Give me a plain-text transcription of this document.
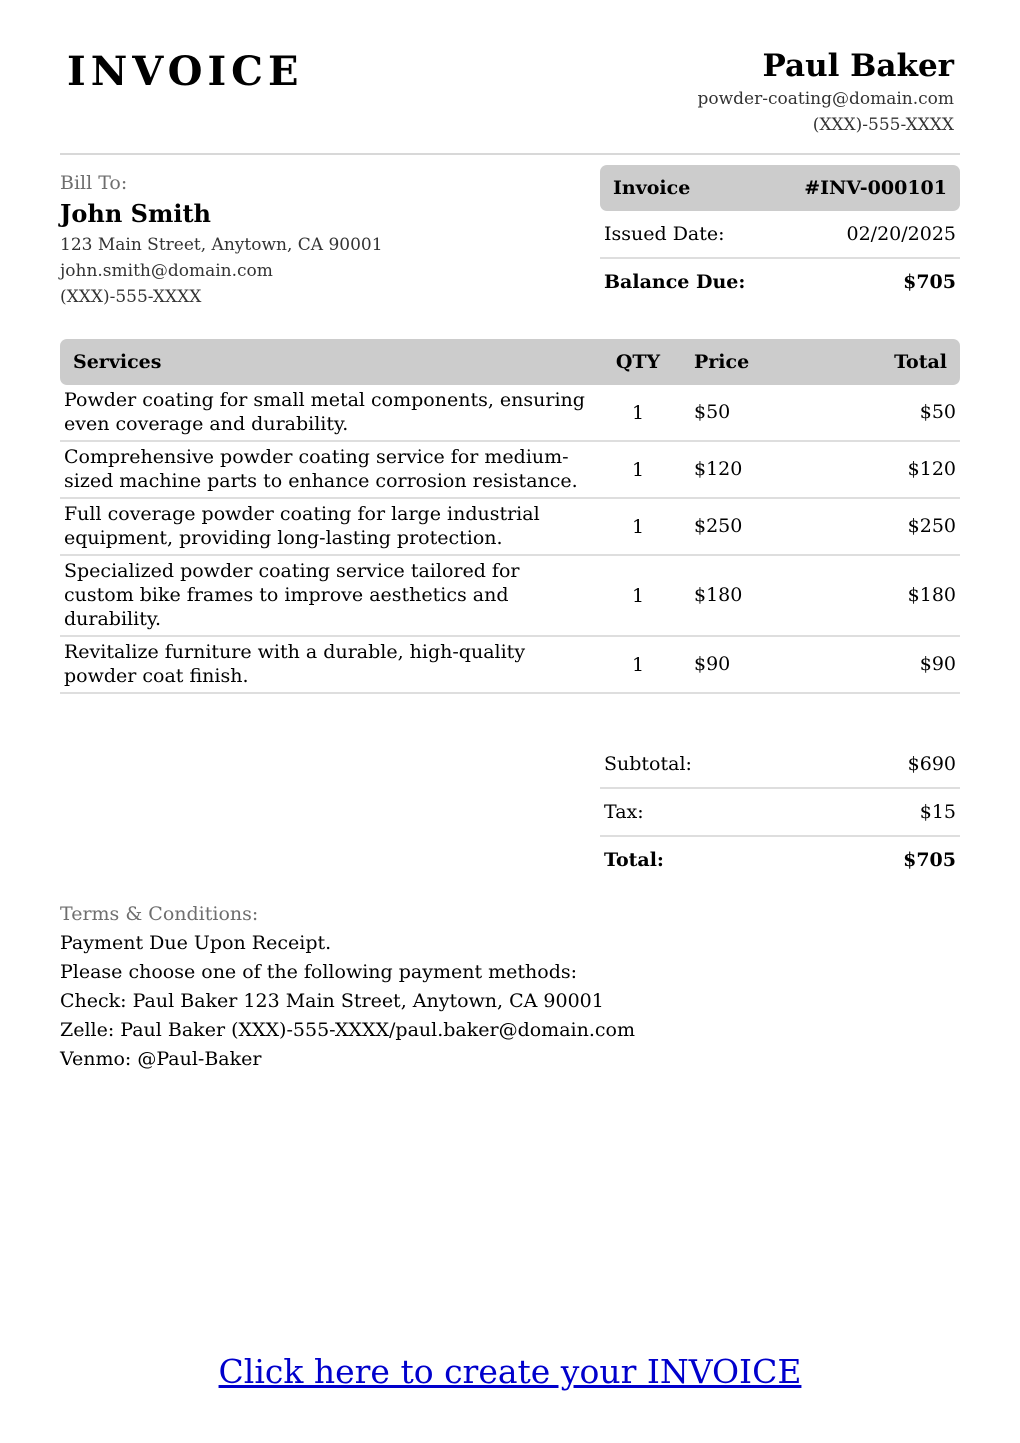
INVOICE	Paul Baker
powder-coating@domain.com
(XXX)-555-XXXX
Bill To:
John Smith
123 Main Street, Anytown, CA 90001
john.smith@domain.com
(XXX)-555-XXXX
Invoice	#INV-000101
Issued Date:	02/20/2025
Balance Due:	$705
Services	QTY	Price	Total
Powder coating for small metal components, ensuring even coverage and durability.	1	$50	$50
Comprehensive powder coating service for medium-sized machine parts to enhance corrosion resistance.	1	$120	$120
Full coverage powder coating for large industrial equipment, providing long-lasting protection.	1	$250	$250
Specialized powder coating service tailored for custom bike frames to improve aesthetics and durability.	1	$180	$180
Revitalize furniture with a durable, high-quality powder coat finish.	1	$90	$90
Subtotal:	$690
Tax:	$15
Total:	$705
Terms & Conditions:
Payment Due Upon Receipt.
Please choose one of the following payment methods:
Check: Paul Baker 123 Main Street, Anytown, CA 90001
Zelle: Paul Baker (XXX)-555-XXXX/paul.baker@domain.com
Venmo: @Paul-Baker
Click here to create your INVOICE
